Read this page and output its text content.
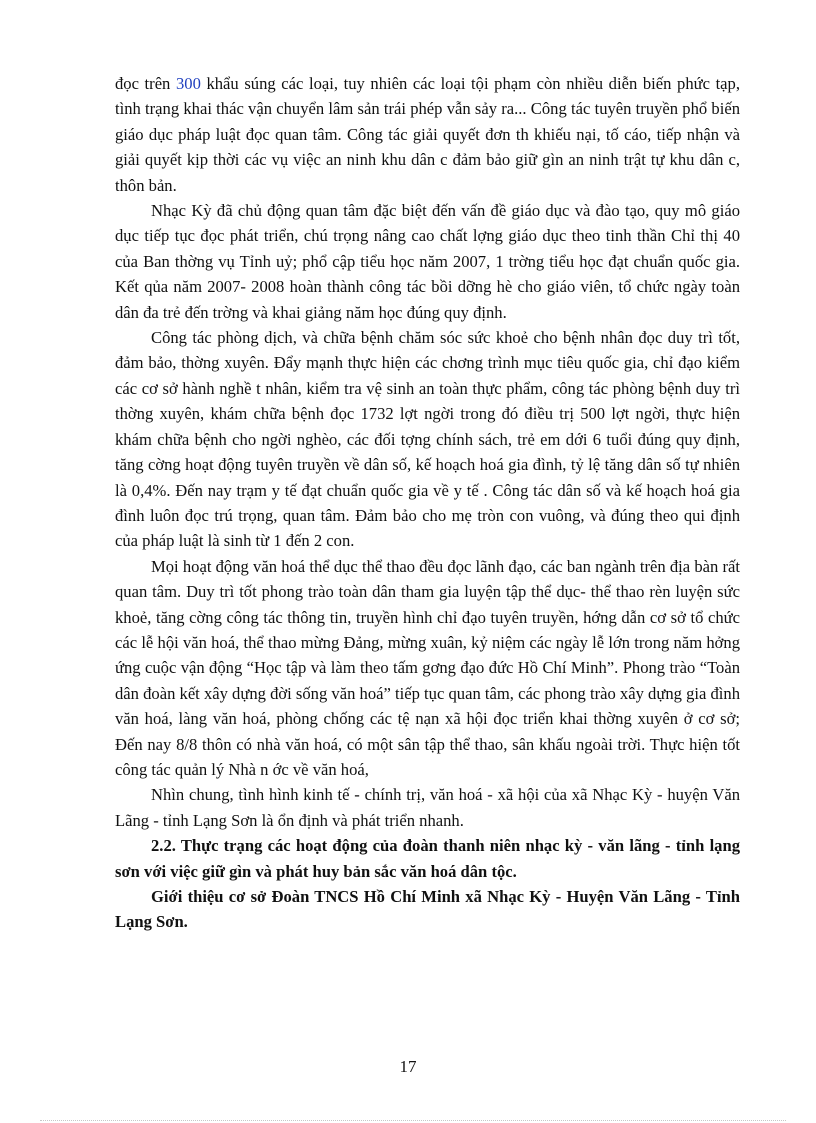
đọc trên 300 khẩu súng các loại, tuy nhiên các loại tội phạm còn nhiều diễn biến phức tạp, tình trạng khai thác vận chuyển lâm sản trái phép vẫn sảy ra... Công tác tuyên truyền phổ biến giáo dục pháp luật đọc quan tâm. Công tác giải quyết đơn th khiếu nại, tố cáo, tiếp nhận và giải quyết kịp thời các vụ việc an ninh khu dân c đảm bảo giữ gìn an ninh trật tự khu dân c, thôn bản.

Nhạc Kỳ đã chủ động quan tâm đặc biệt đến vấn đề giáo dục và đào tạo, quy mô giáo dục tiếp tục đọc phát triển, chú trọng nâng cao chất lợng giáo dục theo tinh thần Chỉ thị 40 của Ban thờng vụ Tỉnh uỷ; phổ cập tiểu học năm 2007, 1 trờng tiểu học đạt chuẩn quốc gia. Kết qủa năm 2007- 2008 hoàn thành công tác bồi dỡng hè cho giáo viên, tổ chức ngày toàn dân đa trẻ đến trờng và khai giảng năm học đúng quy định.

Công tác phòng dịch, và chữa bệnh chăm sóc sức khoẻ cho bệnh nhân đọc duy trì tốt, đảm bảo, thờng xuyên. Đẩy mạnh thực hiện các chơng trình mục tiêu quốc gia, chỉ đạo kiểm các cơ sở hành nghề t nhân, kiểm tra vệ sinh an toàn thực phẩm, công tác phòng bệnh duy trì thờng xuyên, khám chữa bệnh đọc 1732 lợt ngời trong đó điều trị 500 lợt ngời, thực hiện khám chữa bệnh cho ngời nghèo, các đối tợng chính sách, trẻ em dới 6 tuổi đúng quy định, tăng cờng hoạt động tuyên truyền về dân số, kế hoạch hoá gia đình, tỷ lệ tăng dân số tự nhiên là 0,4%. Đến nay trạm y tế đạt chuẩn quốc gia về y tế . Công tác dân số và kế hoạch hoá gia đình luôn đọc trú trọng, quan tâm. Đảm bảo cho mẹ tròn con vuông, và đúng theo qui định của pháp luật là sinh từ 1 đến 2 con.

Mọi hoạt động văn hoá thể dục thể thao đều đọc lãnh đạo, các ban ngành trên địa bàn rất quan tâm. Duy trì tốt phong trào toàn dân tham gia luyện tập thể dục- thể thao rèn luyện sức khoẻ, tăng cờng công tác thông tin, truyền hình chỉ đạo tuyên truyền, hớng dẫn cơ sở tổ chức các lễ hội văn hoá, thể thao mừng Đảng, mừng xuân, kỷ niệm các ngày lễ lớn trong năm hởng ứng cuộc vận động “Học tập và làm theo tấm gơng đạo đức Hồ Chí Minh”. Phong trào “Toàn dân đoàn kết xây dựng đời sống văn hoá” tiếp tục quan tâm, các phong trào xây dựng gia đình văn hoá, làng văn hoá, phòng chống các tệ nạn xã hội đọc triển khai thờng xuyên ở cơ sở; Đến nay 8/8 thôn có nhà văn hoá, có một sân tập thể thao, sân khấu ngoài trời. Thực hiện tốt công tác quản lý Nhà n ớc về văn hoá,

Nhìn chung, tình hình kinh tế - chính trị, văn hoá - xã hội của xã Nhạc Kỳ - huyện Văn Lãng - tỉnh Lạng Sơn là ổn định và phát triển nhanh.

2.2. Thực trạng các hoạt động của đoàn thanh niên nhạc kỳ - văn lãng - tỉnh lạng sơn với việc giữ gìn và phát huy bản sắc văn hoá dân tộc.

Giới thiệu cơ sở Đoàn TNCS Hồ Chí Minh xã Nhạc Kỳ - Huyện Văn Lãng - Tỉnh Lạng Sơn.

17
